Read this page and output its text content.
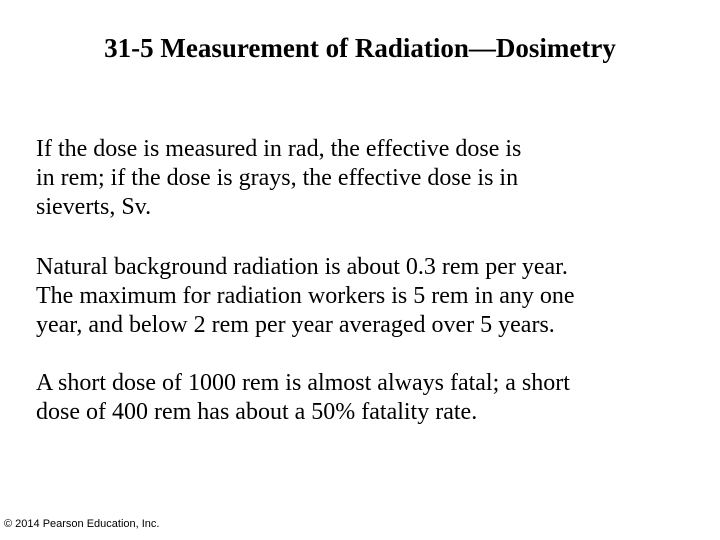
31-5 Measurement of Radiation—Dosimetry

If the dose is measured in rad, the effective dose is
in rem; if the dose is grays, the effective dose is in
sieverts, Sv.

Natural background radiation is about 0.3 rem per year.
The maximum for radiation workers is 5 rem in any one
year, and below 2 rem per year averaged over 5 years.

A short dose of 1000 rem is almost always fatal; a short
dose of 400 rem has about a 50% fatality rate.

© 2014 Pearson Education, Inc.
